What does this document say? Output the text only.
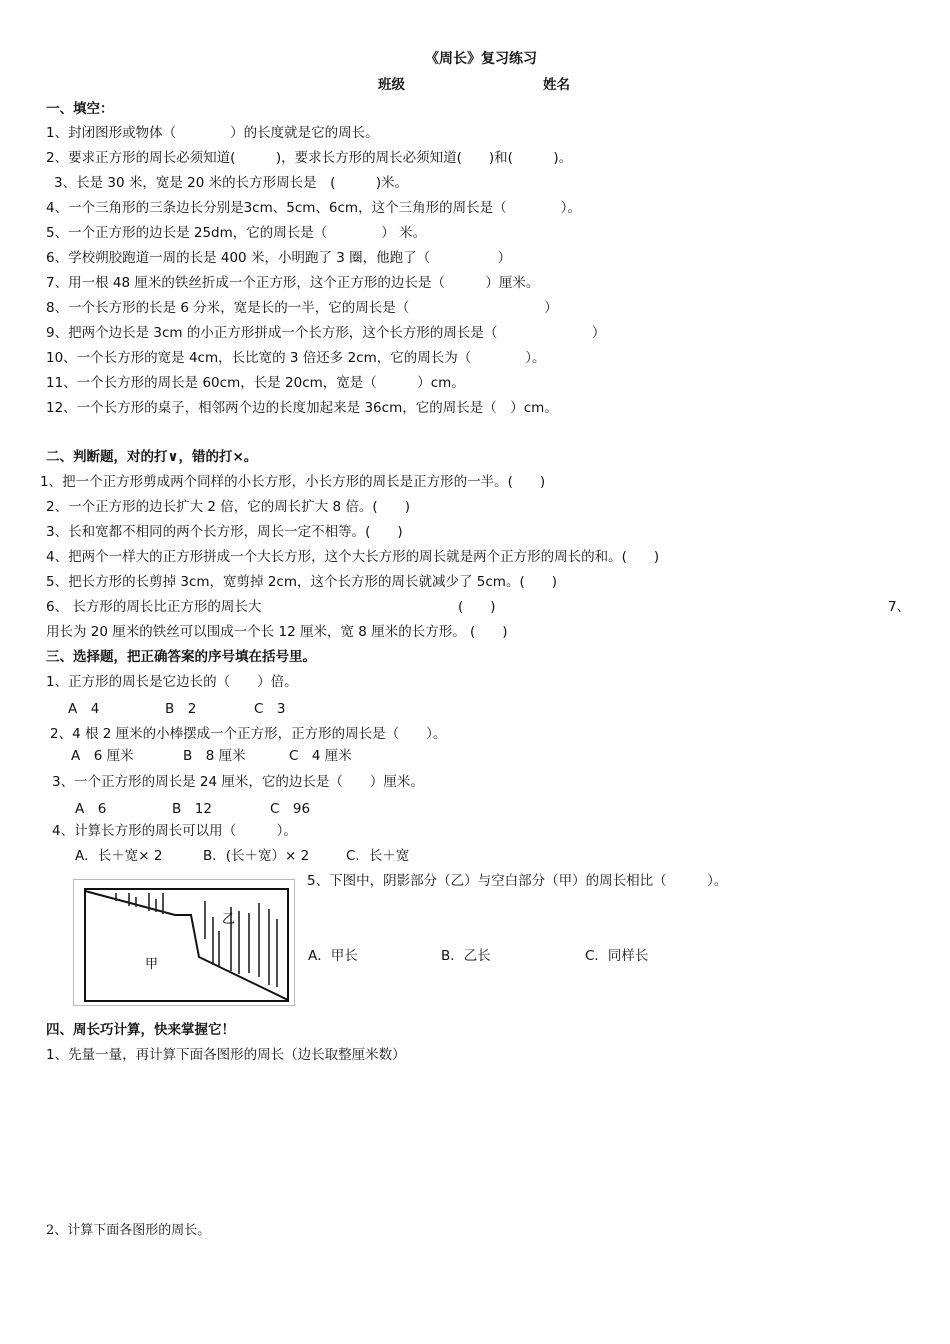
《周长》复习练习
班级	姓名
一、填空：
1、封闭图形或物体（　　　　）的长度就是它的周长。
2、要求正方形的周长必须知道(　　　)，要求长方形的周长必须知道(　　)和(　　　)。
3、长是 30 米，宽是 20 米的长方形周长是　(　　　)米。
4、一个三角形的三条边长分别是3cm、5cm、6cm，这个三角形的周长是（　　　　）。
5、一个正方形的边长是 25dm，它的周长是（　　　　） 米。
6、学校朔胶跑道一周的长是 400 米，小明跑了 3 圈，他跑了（　　　　　）
7、用一根 48 厘米的铁丝折成一个正方形，这个正方形的边长是（　　　）厘米。
8、一个长方形的长是 6 分米，宽是长的一半，它的周长是（　　　　　　　　　　）
9、把两个边长是 3cm 的小正方形拼成一个长方形，这个长方形的周长是（　　　　　　　）
10、一个长方形的宽是 4cm，长比宽的 3 倍还多 2cm，它的周长为（　　　　）。
11、一个长方形的周长是 60cm，长是 20cm，宽是（　　　）cm。
12、一个长方形的桌子，相邻两个边的长度加起来是 36cm，它的周长是（　）cm。
二、判断题，对的打∨，错的打×。
1、把一个正方形剪成两个同样的小长方形，小长方形的周长是正方形的一半。(　　)
2、一个正方形的边长扩大 2 倍，它的周长扩大 8 倍。(　　)
3、长和宽都不相同的两个长方形，周长一定不相等。(　　)
4、把两个一样大的正方形拼成一个大长方形，这个大长方形的周长就是两个正方形的周长的和。(　　)
5、把长方形的长剪掉 3cm，宽剪掉 2cm，这个长方形的周长就减少了 5cm。(　　)
6、 长方形的周长比正方形的周长大	(　　)	7、
用长为 20 厘米的铁丝可以围成一个长 12 厘米，宽 8 厘米的长方形。 (　　)
三、选择题，把正确答案的序号填在括号里。
1、正方形的周长是它边长的（　　）倍。
A　4	B　2	C　3
2、4 根 2 厘米的小棒摆成一个正方形，正方形的周长是（　　）。
A　6 厘米	B　8 厘米	C　4 厘米
3、一个正方形的周长是 24 厘米，它的边长是（　　）厘米。
A　6	B　12	C　96
4、计算长方形的周长可以用（　　　）。
A．长＋宽× 2	B．(长＋宽）× 2	C．长＋宽
5、下图中，阴影部分（乙）与空白部分（甲）的周长相比（　　　）。
A．甲长	B．乙长	C．同样长
甲
乙
四、周长巧计算，快来掌握它！
1、先量一量，再计算下面各图形的周长（边长取整厘米数）
2、计算下面各图形的周长。
